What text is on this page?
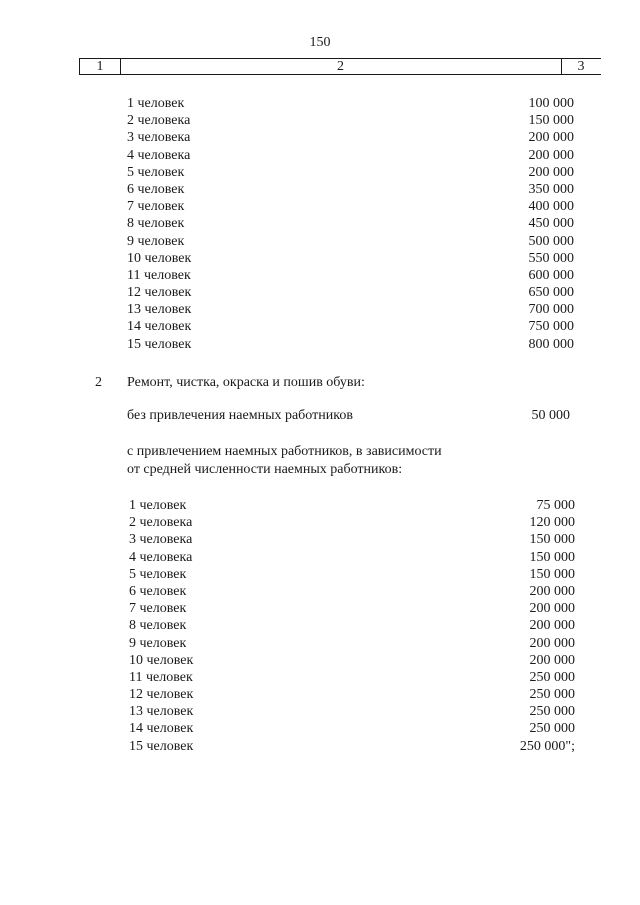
150
1	2	3
1 человек	100 000
2 человека	150 000
3 человека	200 000
4 человека	200 000
5 человек	200 000
6 человек	350 000
7 человек	400 000
8 человек	450 000
9 человек	500 000
10 человек	550 000
11 человек	600 000
12 человек	650 000
13 человек	700 000
14 человек	750 000
15 человек	800 000
2 Ремонт, чистка, окраска и пошив обуви:
без привлечения наемных работников	50 000
с привлечением наемных работников, в зависимости
от средней численности наемных работников:
1 человек	75 000
2 человека	120 000
3 человека	150 000
4 человека	150 000
5 человек	150 000
6 человек	200 000
7 человек	200 000
8 человек	200 000
9 человек	200 000
10 человек	200 000
11 человек	250 000
12 человек	250 000
13 человек	250 000
14 человек	250 000
15 человек	250 000";
